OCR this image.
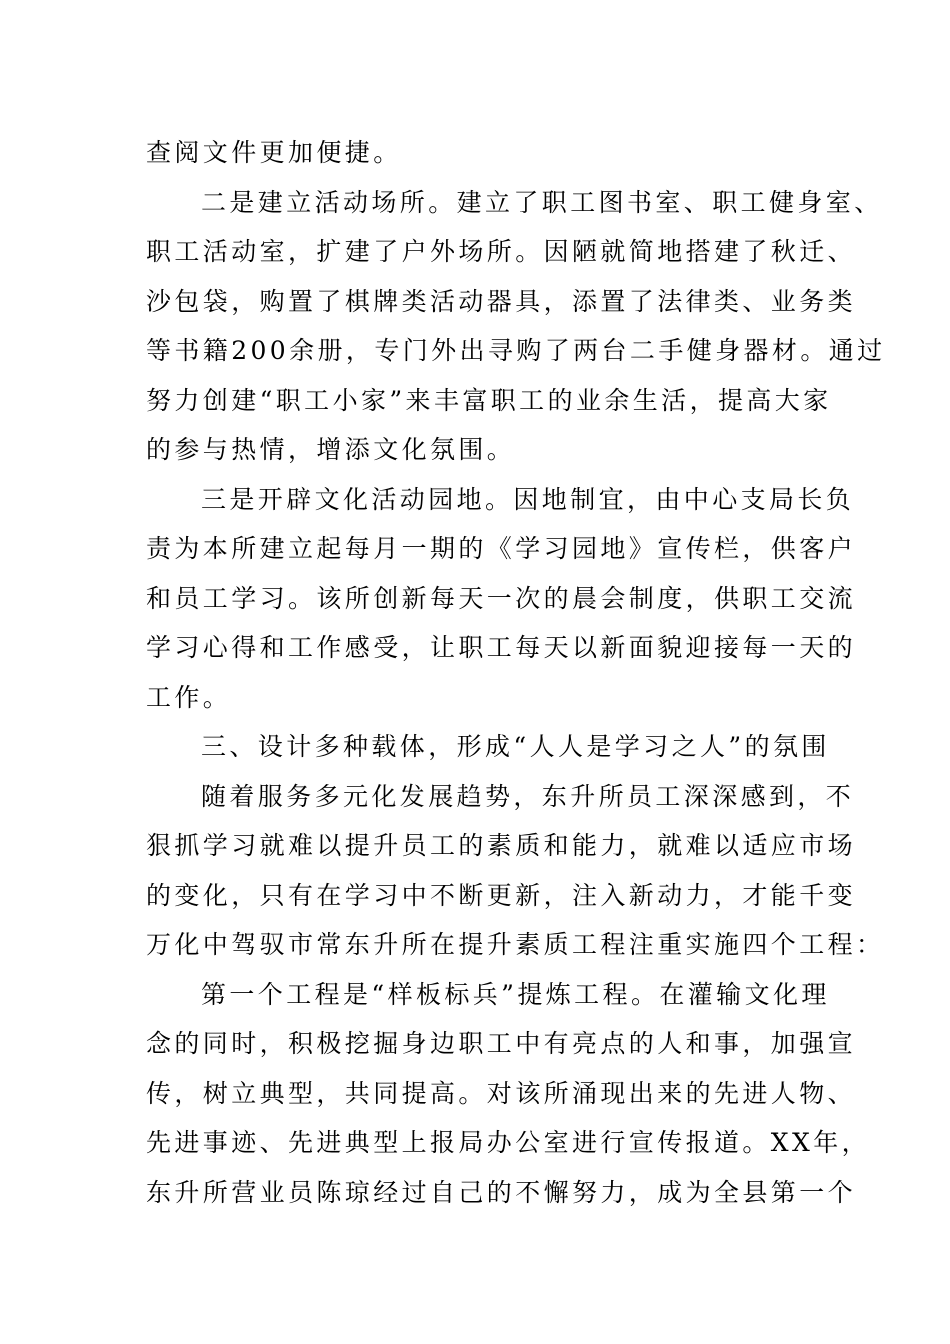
查阅文件更加便捷。
二是建立活动场所。建立了职工图书室、职工健身室、
职工活动室，扩建了户外场所。因陋就简地搭建了秋迁、
沙包袋，购置了棋牌类活动器具，添置了法律类、业务类
等书籍200余册，专门外出寻购了两台二手健身器材。通过
努力创建“职工小家”来丰富职工的业余生活，提高大家
的参与热情，增添文化氛围。
三是开辟文化活动园地。因地制宜，由中心支局长负
责为本所建立起每月一期的《学习园地》宣传栏，供客户
和员工学习。该所创新每天一次的晨会制度，供职工交流
学习心得和工作感受，让职工每天以新面貌迎接每一天的
工作。
三、设计多种载体，形成“人人是学习之人”的氛围
随着服务多元化发展趋势，东升所员工深深感到，不
狠抓学习就难以提升员工的素质和能力，就难以适应市场
的变化，只有在学习中不断更新，注入新动力，才能千变
万化中驾驭市常东升所在提升素质工程注重实施四个工程：
第一个工程是“样板标兵”提炼工程。在灌输文化理
念的同时，积极挖掘身边职工中有亮点的人和事，加强宣
传，树立典型，共同提高。对该所涌现出来的先进人物、
先进事迹、先进典型上报局办公室进行宣传报道。XX年，
东升所营业员陈琼经过自己的不懈努力，成为全县第一个
